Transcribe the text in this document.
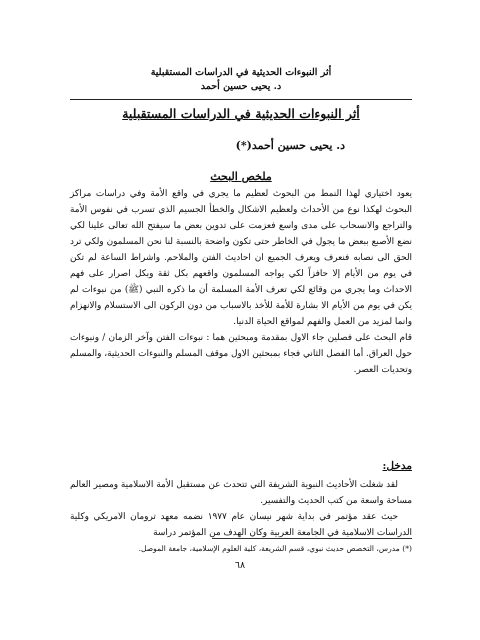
أثر النبوءات الحديثية في الدراسات المستقبلية
د. يحيى حسين أحمد
أثر النبوءات الحديثية في الدراسات المستقبلية
د. يحيى حسين أحمد(*)
ملخص البحث

يعود اختياري لهذا النمط من البحوث لعظيم ما يجري في واقع الأمة وفي دراسات مراكز البحوث لهكذا نوع من الأحداث ولعظيم الاشكال والخطأ الجسيم الذي تسرب في نفوس الأمة والتراجع والانسحاب على مدى واسع فعزمت على تدوين بعض ما سيفتح الله تعالى علينا لكي نضع الأصبع ببعض ما يجول في الخاطر حتى تكون واضحة بالنسبة لنا نحن المسلمون ولكي ترد الحق الى نصابه فنعرف ويعرف الجميع ان احاديث الفتن والملاحم. واشراط الساعة لم تكن في يوم من الأيام إلا حافزاً لكي يواجه المسلمون واقعهم بكل ثقة وبكل اصرار على فهم الاحداث وما يجري من وقائع لكي تعرف الأمة المسلمة أن ما ذكره النبي (ﷺ) من نبوءات لم يكن في يوم من الأيام الا بشارة للأمة للأخذ بالاسباب من دون الركون الى الاستسلام والانهزام وانما لمزيد من العمل والفهم لمواقع الحياة الدنيا.

قام البحث على فصلين جاء الاول بمقدمة ومبحثين هما : نبوءات الفتن وآخر الزمان / ونبوءات حول العراق. أما الفصل الثاني فجاء بمبحثين الاول موقف المسلم والنبوءات الحديثية، والمسلم وتحديات العصر.

مدخل:

لقد شغلت الأحاديث النبوية الشريفة التي تتحدث عن مستقبل الأمة الاسلامية ومصير العالم مساحة واسعة من كتب الحديث والتفسير.

حيث عقد مؤتمر في بداية شهر نيسان عام ١٩٧٧ نضمه معهد ترومان الامريكي وكلية الدراسات الاسلامية في الجامعة العربية وكان الهدف من المؤتمر دراسة

(*) مدرس، التخصص حديث نبوي، قسم الشريعة، كلية العلوم الإسلامية، جامعة الموصل.
٦٨
